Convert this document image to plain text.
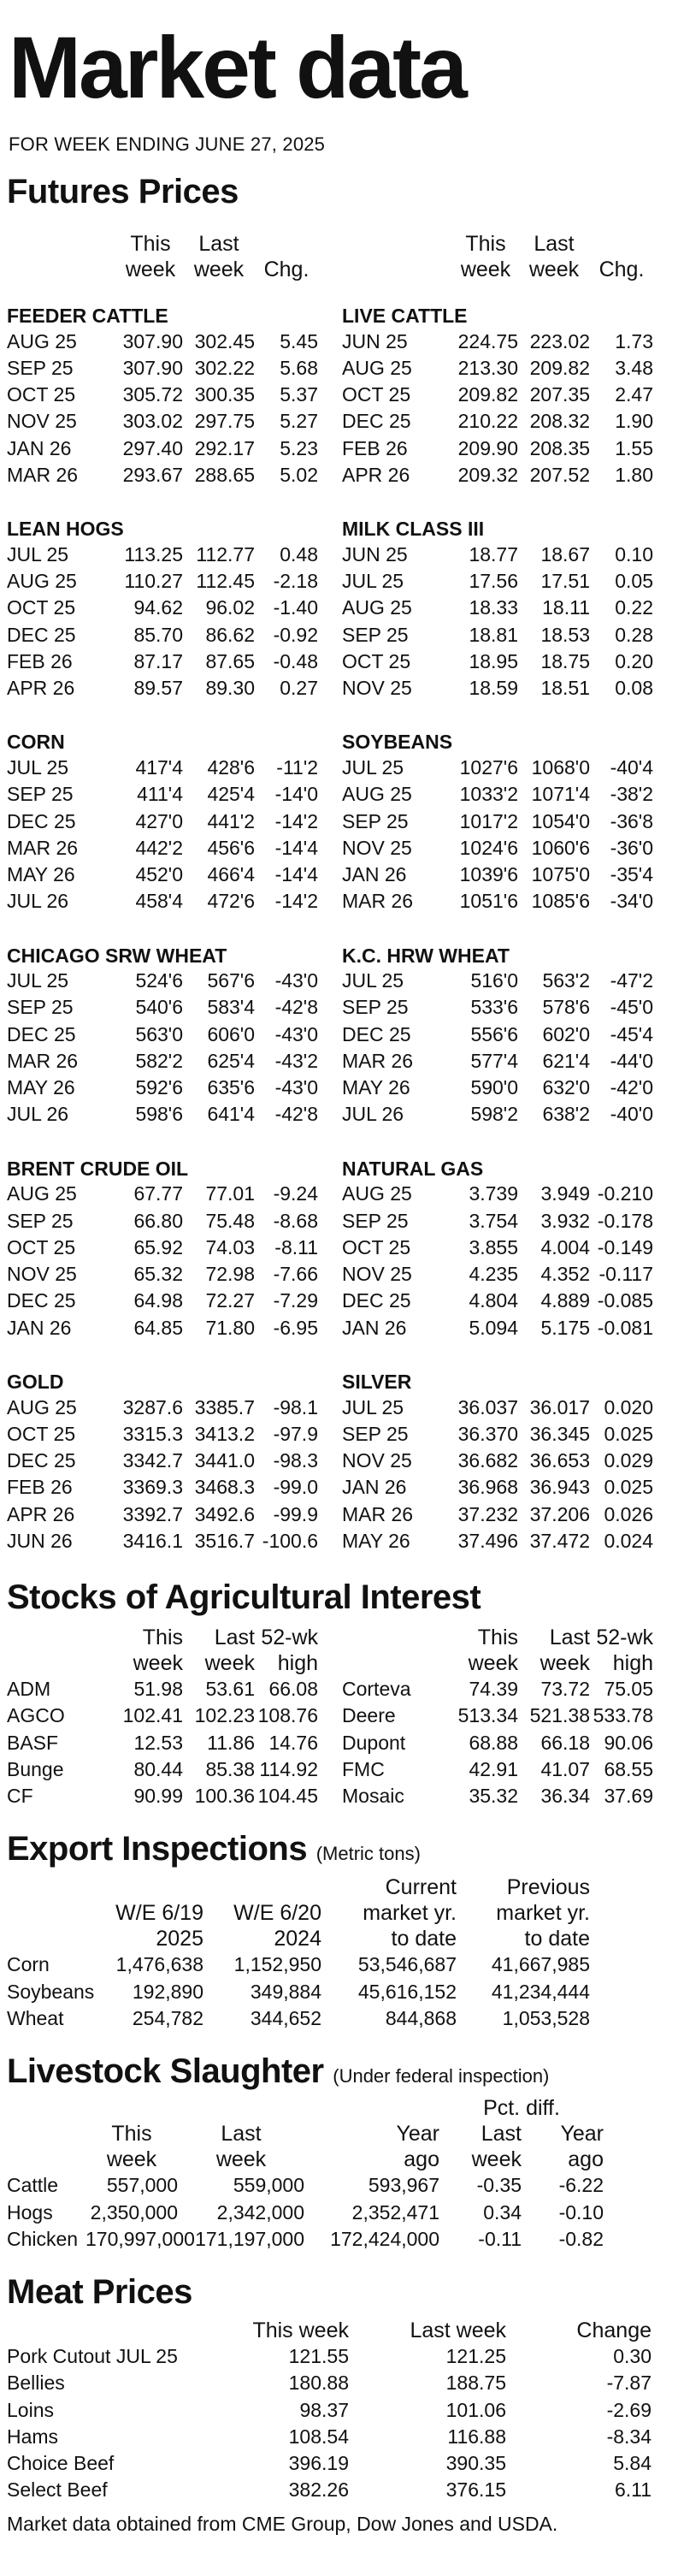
Market data
FOR WEEK ENDING JUNE 27, 2025
Futures Prices
This
week
Last
week Chg.
This
week
Last
week Chg.
FEEDER CATTLE
AUG 25	307.90 302.45	5.45
SEP 25	307.90 302.22	5.68
OCT 25	305.72 300.35	5.37
NOV 25	303.02 297.75	5.27
JAN 26	297.40 292.17	5.23
MAR 26	293.67 288.65	5.02
LIVE CATTLE
JUN 25	224.75 223.02	1.73
AUG 25	213.30 209.82	3.48
OCT 25	209.82 207.35	2.47
DEC 25	210.22 208.32	1.90
FEB 26	209.90 208.35	1.55
APR 26	209.32 207.52	1.80
LEAN HOGS
JUL 25	113.25 112.77	0.48
AUG 25	110.27 112.45 -2.18
OCT 25	94.62	96.02 -1.40
DEC 25	85.70	86.62 -0.92
FEB 26	87.17	87.65 -0.48
APR 26	89.57	89.30	0.27
MILK CLASS III
JUN 25	18.77	18.67	0.10
JUL 25	17.56	17.51	0.05
AUG 25	18.33	18.11	0.22
SEP 25	18.81	18.53	0.28
OCT 25	18.95	18.75	0.20
NOV 25	18.59	18.51	0.08
CORN
JUL 25	417'4	428'6	-11'2
SEP 25	411'4	425'4	-14'0
DEC 25	427'0	441'2	-14'2
MAR 26	442'2	456'6	-14'4
MAY 26	452'0	466'4	-14'4
JUL 26	458'4	472'6	-14'2
SOYBEANS
JUL 25	1027'6 1068'0	-40'4
AUG 25	1033'2 1071'4	-38'2
SEP 25	1017'2 1054'0	-36'8
NOV 25	1024'6 1060'6	-36'0
JAN 26	1039'6 1075'0	-35'4
MAR 26	1051'6 1085'6	-34'0
CHICAGO SRW WHEAT
JUL 25	524'6	567'6	-43'0
SEP 25	540'6	583'4	-42'8
DEC 25	563'0	606'0	-43'0
MAR 26	582'2	625'4	-43'2
MAY 26	592'6	635'6	-43'0
JUL 26	598'6	641'4	-42'8
K.C. HRW WHEAT
JUL 25	516'0	563'2	-47'2
SEP 25	533'6	578'6	-45'0
DEC 25	556'6	602'0	-45'4
MAR 26	577'4	621'4	-44'0
MAY 26	590'0	632'0	-42'0
JUL 26	598'2	638'2	-40'0
BRENT CRUDE OIL
AUG 25	67.77	77.01 -9.24
SEP 25	66.80	75.48 -8.68
OCT 25	65.92	74.03	-8.11
NOV 25	65.32	72.98 -7.66
DEC 25	64.98	72.27 -7.29
JAN 26	64.85	71.80 -6.95
NATURAL GAS
AUG 25	3.739	3.949 -0.210
SEP 25	3.754	3.932 -0.178
OCT 25	3.855	4.004 -0.149
NOV 25	4.235	4.352 -0.117
DEC 25	4.804	4.889 -0.085
JAN 26	5.094	5.175 -0.081
GOLD
AUG 25	3287.6 3385.7 -98.1
OCT 25	3315.3 3413.2 -97.9
DEC 25	3342.7 3441.0 -98.3
FEB 26	3369.3 3468.3 -99.0
APR 26	3392.7 3492.6 -99.9
JUN 26	3416.1 3516.7 -100.6
SILVER
JUL 25	36.037 36.017 0.020
SEP 25	36.370 36.345 0.025
NOV 25	36.682 36.653 0.029
JAN 26	36.968 36.943 0.025
MAR 26	37.232 37.206 0.026
MAY 26	37.496 37.472 0.024
Stocks of Agricultural Interest
This
week
Last
week
52-wk
high
ADM	51.98	53.61 66.08
AGCO	102.41 102.23 108.76
BASF	12.53	11.86 14.76
Bunge	80.44	85.38 114.92
CF	90.99 100.36 104.45
This
week
Last
week
52-wk
high
Corteva	74.39	73.72 75.05
Deere	513.34 521.38 533.78
Dupont	68.88	66.18 90.06
FMC	42.91	41.07 68.55
Mosaic	35.32	36.34 37.69
Export Inspections (Metric tons)
W/E 6/19
2025
W/E 6/20
2024
Current
market yr.
to date
Previous
market yr.
to date
Corn	1,476,638	1,152,950	53,546,687	41,667,985
Soybeans	192,890	349,884	45,616,152	41,234,444
Wheat	254,782	344,652	844,868	1,053,528
Livestock Slaughter (Under federal inspection)
Pct. diff.
This
week
Last
week
Year
ago
Last
week
Year
ago
Cattle	557,000	559,000	593,967	-0.35	-6.22
Hogs	2,350,000	2,342,000	2,352,471	0.34	-0.10
Chicken 170,997,000 171,197,000	172,424,000	-0.11	-0.82
Meat Prices
This week	Last week	Change
Pork Cutout JUL 25	121.55	121.25	0.30
Bellies	180.88	188.75	-7.87
Loins	98.37	101.06	-2.69
Hams	108.54	116.88	-8.34
Choice Beef	396.19	390.35	5.84
Select Beef	382.26	376.15	6.11
Market data obtained from CME Group, Dow Jones and USDA.
